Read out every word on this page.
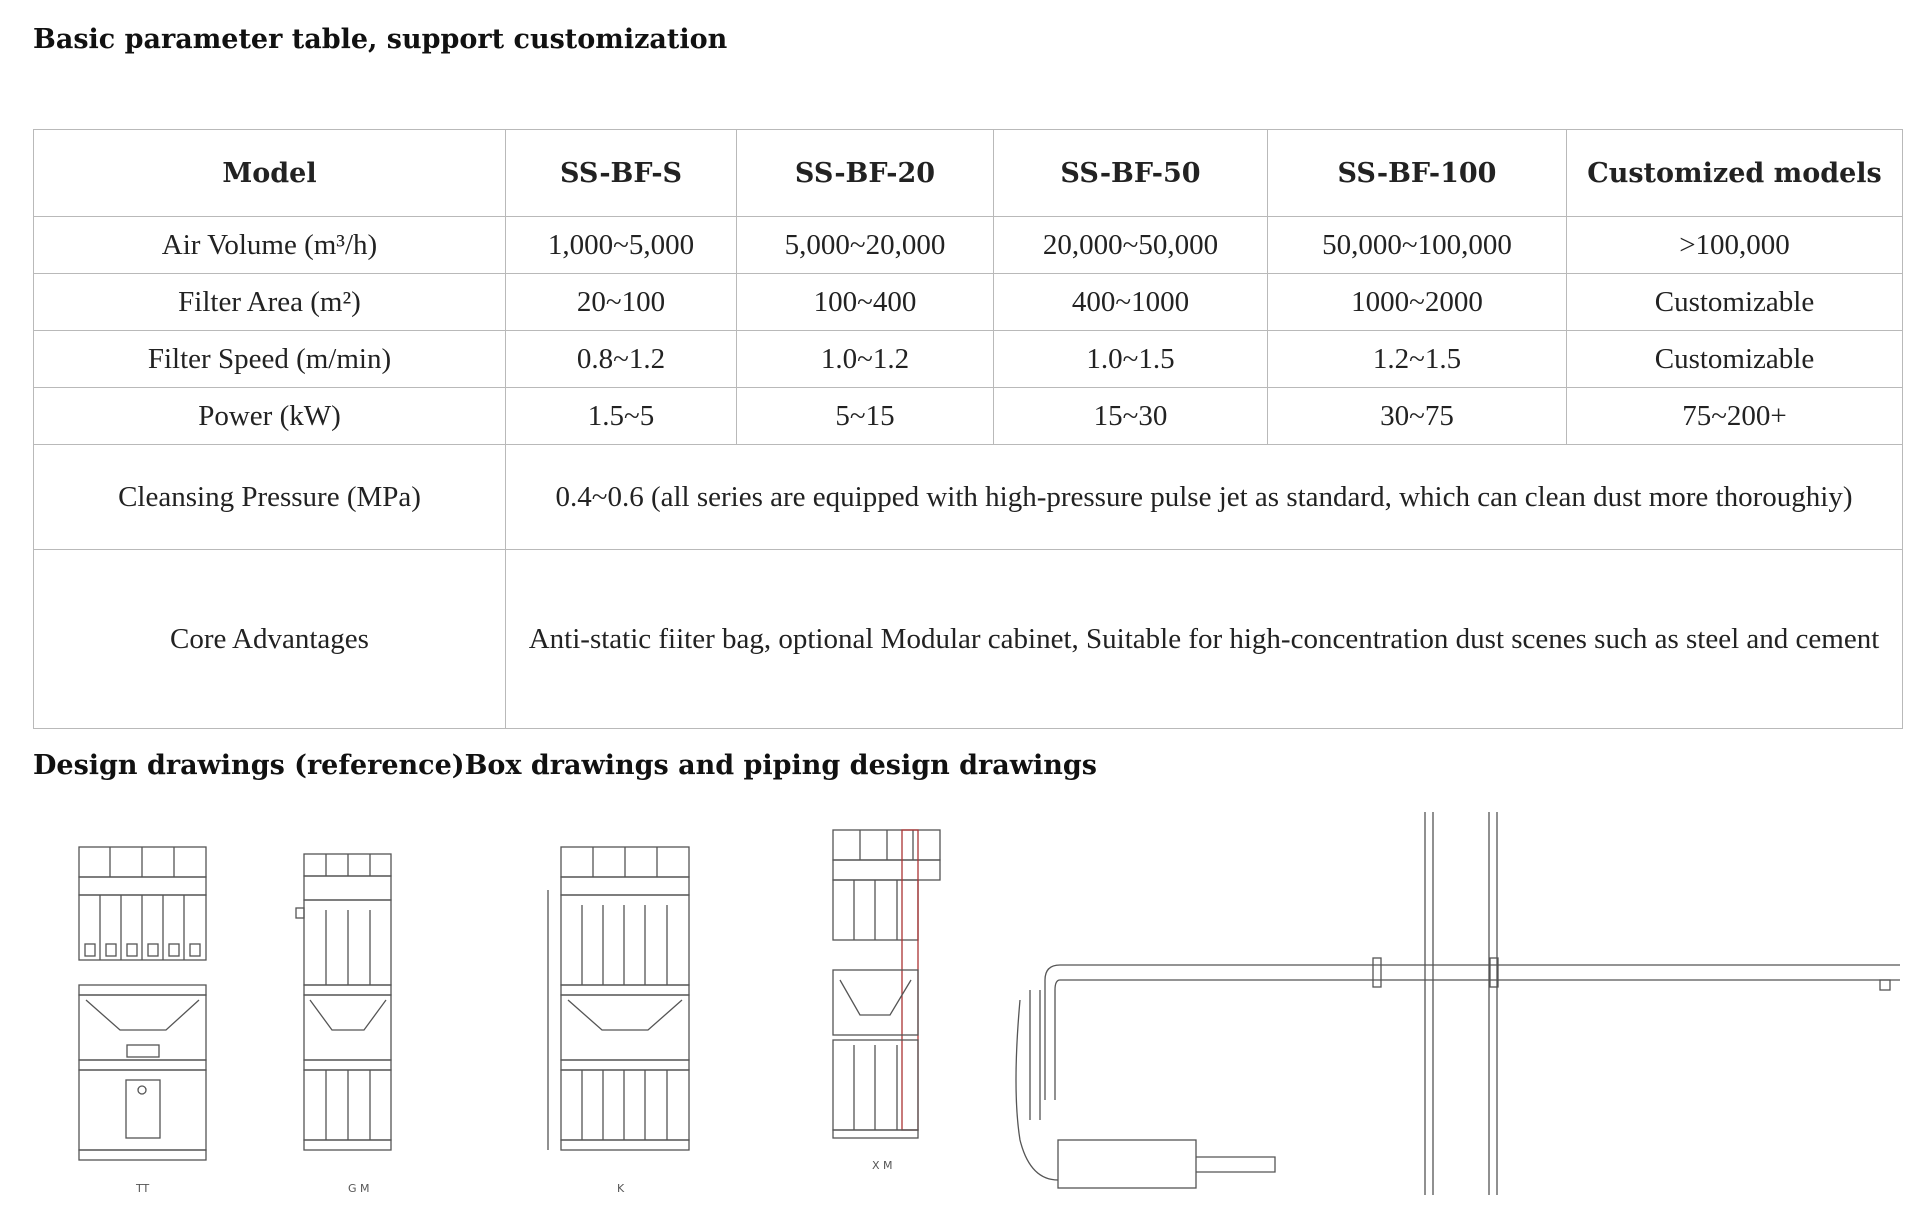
Basic parameter table, support customization
Model	SS-BF-S	SS-BF-20	SS-BF-50	SS-BF-100	Customized models
Air Volume (m³/h)	1,000~5,000	5,000~20,000	20,000~50,000	50,000~100,000	>100,000
Filter Area (m²)	20~100	100~400	400~1000	1000~2000	Customizable
Filter Speed (m/min)	0.8~1.2	1.0~1.2	1.0~1.5	1.2~1.5	Customizable
Power (kW)	1.5~5	5~15	15~30	30~75	75~200+
Cleansing Pressure (MPa)	0.4~0.6 (all series are equipped with high-pressure pulse jet as standard, which can clean dust more thoroughiy)				
Core Advantages	Anti-static fiiter bag, optional Modular cabinet, Suitable for high-concentration dust scenes such as steel and cement				
Design drawings (reference)Box drawings and piping design drawings
TT	G M	K
X M
